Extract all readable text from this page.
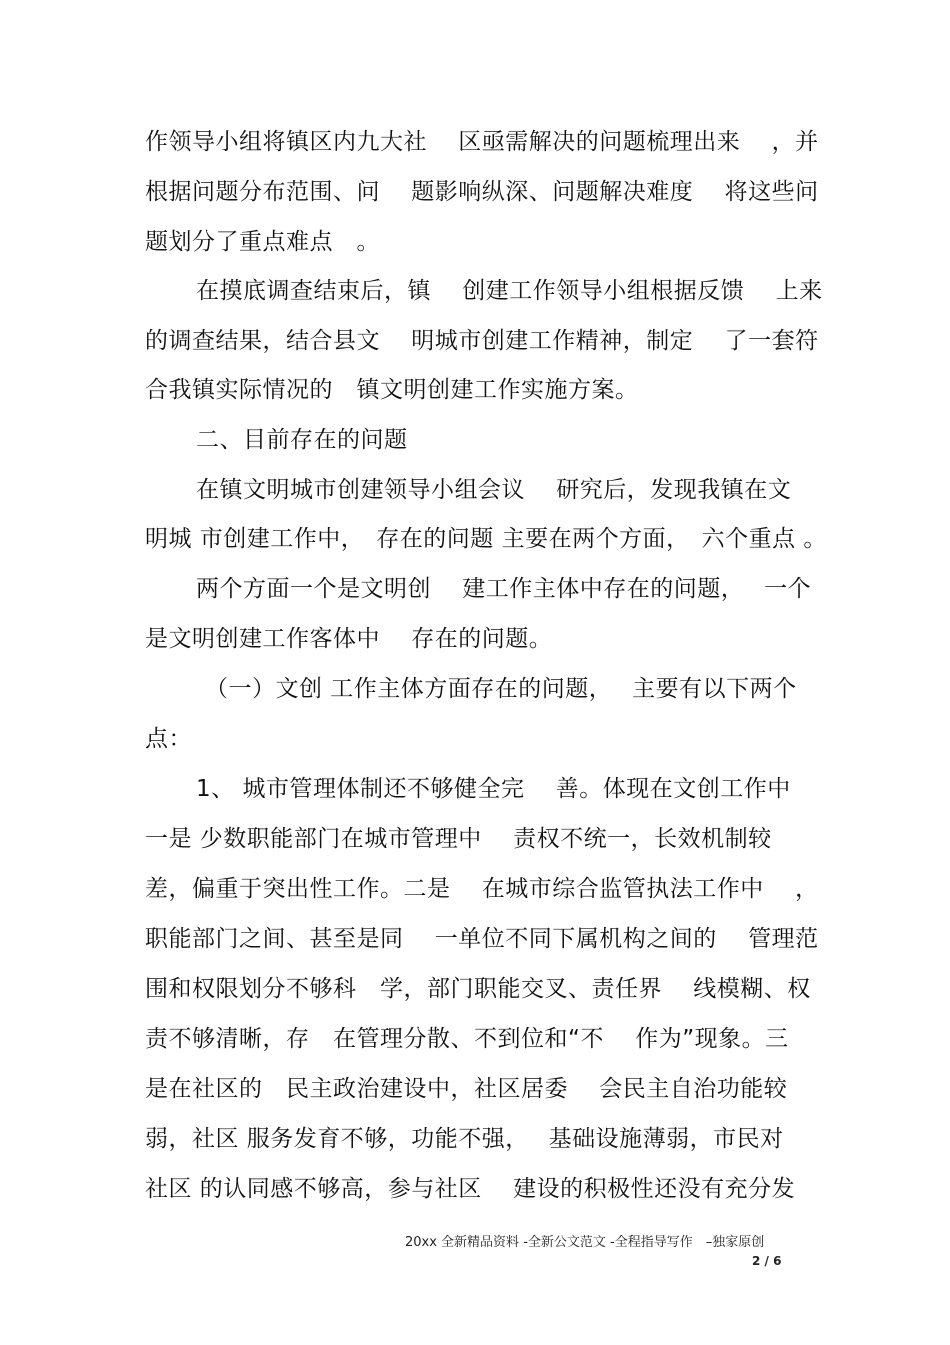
作领导小组将镇区内九大社　 区亟需解决的问题梳理出来　 ，并
根据问题分布范围、问　 题影响纵深、问题解决难度　 将这些问
题划分了重点难点　。
在摸底调查结束后，镇　 创建工作领导小组根据反馈　 上来
的调查结果，结合县文　 明城市创建工作精神，制定　 了一套符
合我镇实际情况的　镇文明创建工作实施方案。
二、目前存在的问题
在镇文明城市创建领导小组会议　 研究后，发现我镇在文
明城 市创建工作中，　存在的问题 主要在两个方面，　六个重点 。
两个方面一个是文明创　 建工作主体中存在的问题，　 一个
是文明创建工作客体中　 存在的问题。
（一）文创 工作主体方面存在的问题，　 主要有以下两个
点：
1、 城市管理体制还不够健全完　 善。体现在文创工作中
一是 少数职能部门在城市管理中　 责权不统一，长效机制较
差，偏重于突出性工作。二是　 在城市综合监管执法工作中　 ，
职能部门之间、甚至是同　 一单位不同下属机构之间的　 管理范
围和权限划分不够科　学，部门职能交叉、责任界　 线模糊、权
责不够清晰，存　在管理分散、不到位和“不　 作为”现象。三
是在社区的　民主政治建设中，社区居委　 会民主自治功能较
弱，社区 服务发育不够，功能不强，　 基础设施薄弱，市民对
社区 的认同感不够高，参与社区　 建设的积极性还没有充分发
20xx 全新精品资料 -全新公文范文 -全程指导写作　–独家原创
2 / 6
